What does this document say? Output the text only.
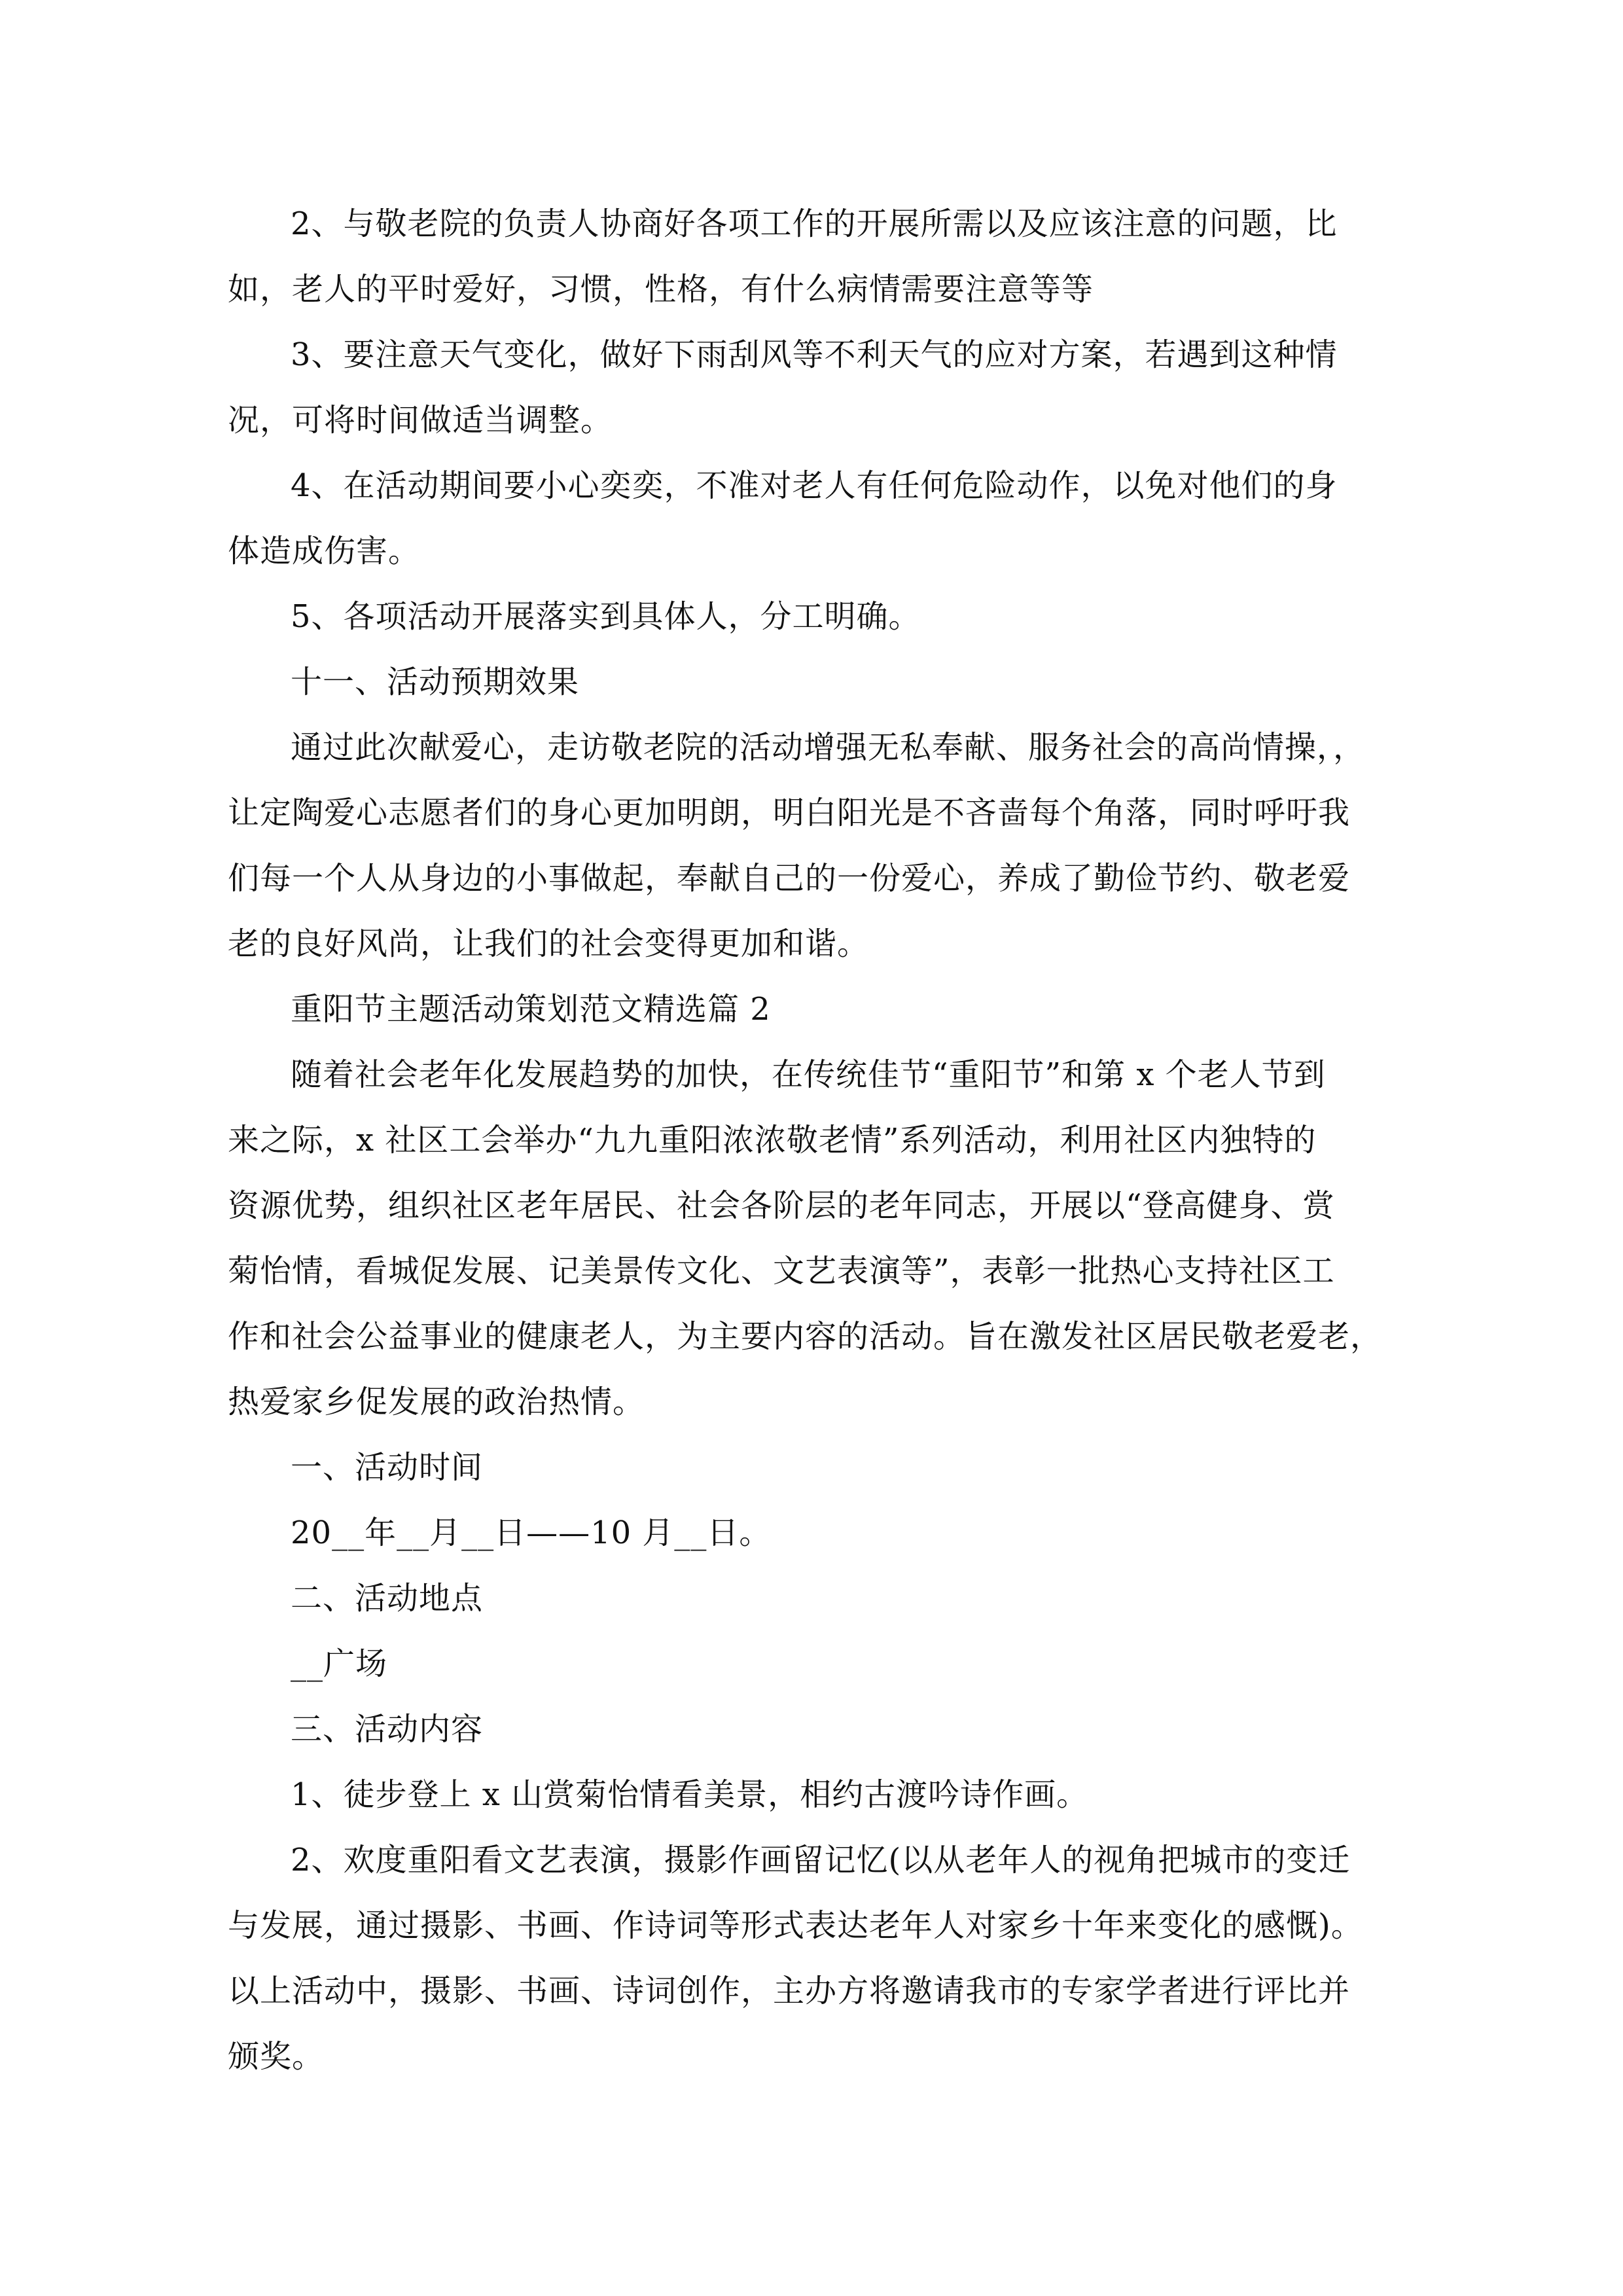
2、与敬老院的负责人协商好各项工作的开展所需以及应该注意的问题，比
如，老人的平时爱好，习惯，性格，有什么病情需要注意等等
3、要注意天气变化，做好下雨刮风等不利天气的应对方案，若遇到这种情
况，可将时间做适当调整。
4、在活动期间要小心奕奕，不准对老人有任何危险动作，以免对他们的身
体造成伤害。
5、各项活动开展落实到具体人，分工明确。
十一、活动预期效果
通过此次献爱心，走访敬老院的活动增强无私奉献、服务社会的高尚情操，，
让定陶爱心志愿者们的身心更加明朗，明白阳光是不吝啬每个角落，同时呼吁我
们每一个人从身边的小事做起，奉献自己的一份爱心，养成了勤俭节约、敬老爱
老的良好风尚，让我们的社会变得更加和谐。
重阳节主题活动策划范文精选篇 2
随着社会老年化发展趋势的加快，在传统佳节“重阳节”和第 x 个老人节到
来之际，x 社区工会举办“九九重阳浓浓敬老情”系列活动，利用社区内独特的
资源优势，组织社区老年居民、社会各阶层的老年同志，开展以“登高健身、赏
菊怡情，看城促发展、记美景传文化、文艺表演等”，表彰一批热心支持社区工
作和社会公益事业的健康老人，为主要内容的活动。旨在激发社区居民敬老爱老，
热爱家乡促发展的政治热情。
一、活动时间
20__年__月__日——10 月__日。
二、活动地点
__广场
三、活动内容
1、徒步登上 x 山赏菊怡情看美景，相约古渡吟诗作画。
2、欢度重阳看文艺表演，摄影作画留记忆(以从老年人的视角把城市的变迁
与发展，通过摄影、书画、作诗词等形式表达老年人对家乡十年来变化的感慨)。
以上活动中，摄影、书画、诗词创作，主办方将邀请我市的专家学者进行评比并
颁奖。
